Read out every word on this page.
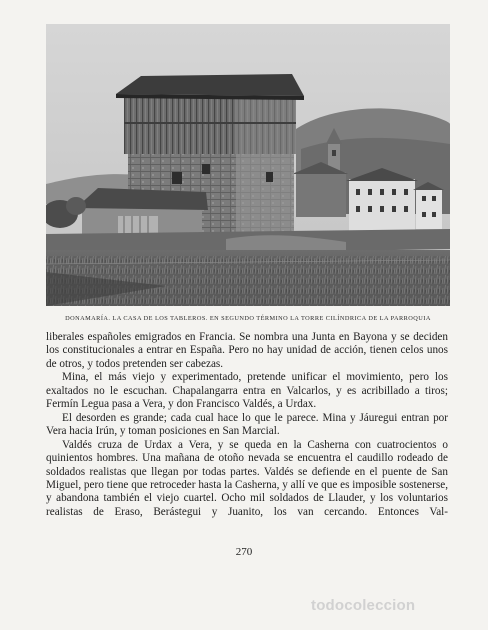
DONAMARÍA. LA CASA DE LOS TABLEROS. EN SEGUNDO TÉRMINO LA TORRE CILÍNDRICA DE LA PARROQUIA

liberales españoles emigrados en Francia. Se nombra una Junta en Bayona y se deciden los constitucionales a entrar en España. Pero no hay unidad de acción, tienen celos unos de otros, y todos pretenden ser cabezas.

Mina, el más viejo y experimentado, pretende unificar el movimiento, pero los exaltados no le escuchan. Chapalangarra entra en Valcarlos, y es acribillado a tiros; Fermín Legua pasa a Vera, y don Francisco Valdés, a Urdax.

El desorden es grande; cada cual hace lo que le parece. Mina y Jáuregui entran por Vera hacia Irún, y toman posiciones en San Marcial.

Valdés cruza de Urdax a Vera, y se queda en la Casherna con cuatrocientos o quinientos hombres. Una mañana de otoño nevada se encuentra el caudillo rodeado de soldados realistas que llegan por todas partes. Valdés se defiende en el puente de San Miguel, pero tiene que retroceder hasta la Casherna, y allí ve que es imposible sostenerse, y abandona también el viejo cuartel. Ocho mil soldados de Llauder, y los voluntarios realistas de Eraso, Berástegui y Juanito, los van cercando. Entonces Val-

270
todocoleccion
